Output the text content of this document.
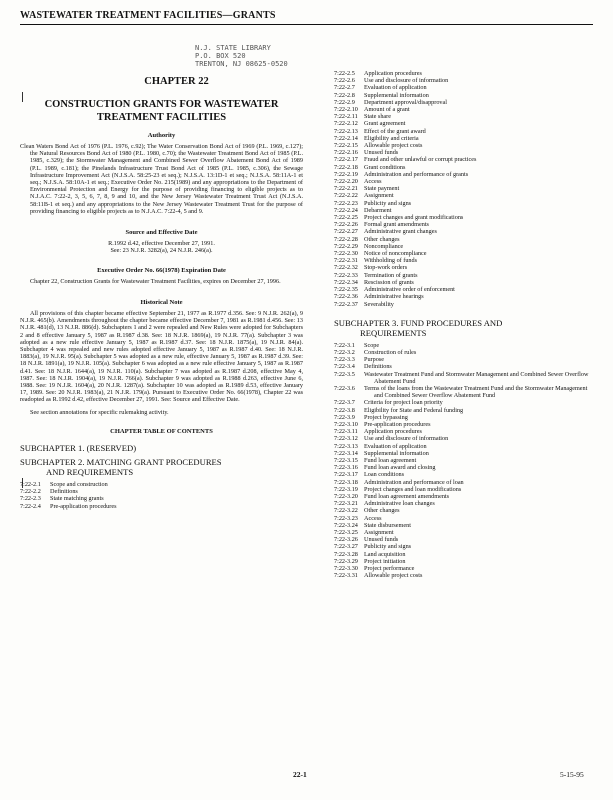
WASTEWATER TREATMENT FACILITIES—GRANTS
N.J. STATE LIBRARY
P.O. BOX 520
TRENTON, NJ 08625-0520
CHAPTER 22
CONSTRUCTION GRANTS FOR WASTEWATER
TREATMENT FACILITIES
Authority

Clean Waters Bond Act of 1976 (P.L. 1976, c.92); The Water Conservation Bond Act of 1969 (P.L. 1969, c.127); the Natural Resources Bond Act of 1980 (P.L. 1980, c.70); the Wastewater Treatment Bond Act of 1985 (P.L. 1985, c.329); the Stormwater Management and Combined Sewer Overflow Abatement Bond Act of 1989 (P.L. 1989, c.181); the Pinelands Infrastructure Trust Bond Act of 1985 (P.L. 1985, c.306), the Sewage Infrastructure Improvement Act (N.J.S.A. 58:25-23 et seq.); N.J.S.A. 13:1D-1 et seq.; N.J.S.A. 58:11A-1 et seq.; N.J.S.A. 58:10A-1 et seq.; Executive Order No. 215(1989) and any appropriations to the Department of Environmental Protection and Energy for the purpose of providing financing to eligible projects as to N.J.A.C. 7:22-2, 3, 5, 6, 7, 8, 9 and 10, and the New Jersey Wastewater Treatment Trust Act (N.J.S.A. 58:11B-1 et seq.) and any appropriations to the New Jersey Wastewater Treatment Trust for the purpose of providing financing to eligible projects as to N.J.A.C. 7:22-4, 5 and 9.

Source and Effective Date

R.1992 d.42, effective December 27, 1991.

See: 23 N.J.R. 3282(a), 24 N.J.R. 246(a).

Executive Order No. 66(1978) Expiration Date

Chapter 22, Construction Grants for Wastewater Treatment Facilities, expires on December 27, 1996.

Historical Note

All provisions of this chapter became effective September 21, 1977 as R.1977 d.356. See: 9 N.J.R. 262(a), 9 N.J.R. 465(b). Amendments throughout the chapter became effective December 7, 1981 as R.1981 d.456. See: 13 N.J.R. 481(d), 13 N.J.R. 886(d). Subchapters 1 and 2 were repealed and New Rules were adopted for Subchapters 2 and 8 effective January 5, 1987 as R.1987 d.38. See: 18 N.J.R. 1869(a), 19 N.J.R. 77(a). Subchapter 3 was adopted as a new rule effective January 5, 1987 as R.1987 d.37. See: 18 N.J.R. 1875(a), 19 N.J.R. 84(a). Subchapter 4 was repealed and new rules adopted effective January 5, 1987 as R.1987 d.40. See: 18 N.J.R. 1883(a), 19 N.J.R. 95(a). Subchapter 5 was adopted as a new rule, effective January 5, 1987 as R.1987 d.39. See: 18 N.J.R. 1891(a), 19 N.J.R. 105(a). Subchapter 6 was adopted as a new rule effective January 5, 1987 as R.1987 d.41. See: 18 N.J.R. 1644(a), 19 N.J.R. 110(a). Subchapter 7 was adopted as R.1987 d.208, effective May 4, 1987. See: 18 N.J.R. 1904(a), 19 N.J.R. 766(a). Subchapter 9 was adopted as R.1988 d.263, effective June 6, 1988. See: 19 N.J.R. 1604(a), 20 N.J.R. 1287(a). Subchapter 10 was adopted as R.1989 d.53, effective January 17, 1989. See: 20 N.J.R. 1983(a), 21 N.J.R. 179(a). Pursuant to Executive Order No. 66(1978), Chapter 22 was readopted as R.1992 d.42, effective December 27, 1991. See: Source and Effective Date.

See section annotations for specific rulemaking activity.

CHAPTER TABLE OF CONTENTS
SUBCHAPTER 1. (RESERVED)
SUBCHAPTER 2. MATCHING GRANT PROCEDURES
AND REQUIREMENTS
7:22-2.1	Scope and construction
7:22-2.2	Definitions
7:22-2.3	State matching grants
7:22-2.4	Pre-application procedures
7:22-2.5	Application procedures
7:22-2.6	Use and disclosure of information
7:22-2.7	Evaluation of application
7:22-2.8	Supplemental information
7:22-2.9	Department approval/disapproval
7:22-2.10 Amount of a grant
7:22-2.11	State share
7:22-2.12 Grant agreement
7:22-2.13 Effect of the grant award
7:22-2.14 Eligibility and criteria
7:22-2.15 Allowable project costs
7:22-2.16 Unused funds
7:22-2.17 Fraud and other unlawful or corrupt practices
7:22-2.18 Grant conditions
7:22-2.19 Administration and performance of grants
7:22-2.20 Access
7:22-2.21 State payment
7:22-2.22 Assignment
7:22-2.23 Publicity and signs
7:22-2.24 Debarment
7:22-2.25 Project changes and grant modifications
7:22-2.26 Formal grant amendments
7:22-2.27 Administrative grant changes
7:22-2.28 Other changes
7:22-2.29 Noncompliance
7:22-2.30 Notice of noncompliance
7:22-2.31 Withholding of funds
7:22-2.32 Stop-work orders
7:22-2.33 Termination of grants
7:22-2.34 Rescission of grants
7:22-2.35 Administrative order of enforcement
7:22-2.36 Administrative hearings
7:22-2.37 Severability
SUBCHAPTER 3. FUND PROCEDURES AND
REQUIREMENTS
7:22-3.1	Scope
7:22-3.2	Construction of rules
7:22-3.3	Purpose
7:22-3.4	Definitions
7:22-3.5	Wastewater Treatment Fund and Stormwater Management and Combined Sewer Overflow Abatement Fund
7:22-3.6	Terms of the loans from the Wastewater Treatment Fund and the Stormwater Management and Combined Sewer Overflow Abatement Fund
7:22-3.7	Criteria for project loan priority
7:22-3.8	Eligibility for State and Federal funding
7:22-3.9	Project bypassing
7:22-3.10 Pre-application procedures
7:22-3.11	Application procedures
7:22-3.12 Use and disclosure of information
7:22-3.13 Evaluation of application
7:22-3.14 Supplemental information
7:22-3.15 Fund loan agreement
7:22-3.16 Fund loan award and closing
7:22-3.17 Loan conditions
7:22-3.18 Administration and performance of loan
7:22-3.19 Project changes and loan modifications
7:22-3.20 Fund loan agreement amendments
7:22-3.21 Administrative loan changes
7:22-3.22 Other changes
7:22-3.23 Access
7:22-3.24 State disbursement
7:22-3.25 Assignment
7:22-3.26 Unused funds
7:22-3.27 Publicity and signs
7:22-3.28 Land acquisition
7:22-3.29 Project initiation
7:22-3.30 Project performance
7:22-3.31 Allowable project costs
22-1	5-15-95
